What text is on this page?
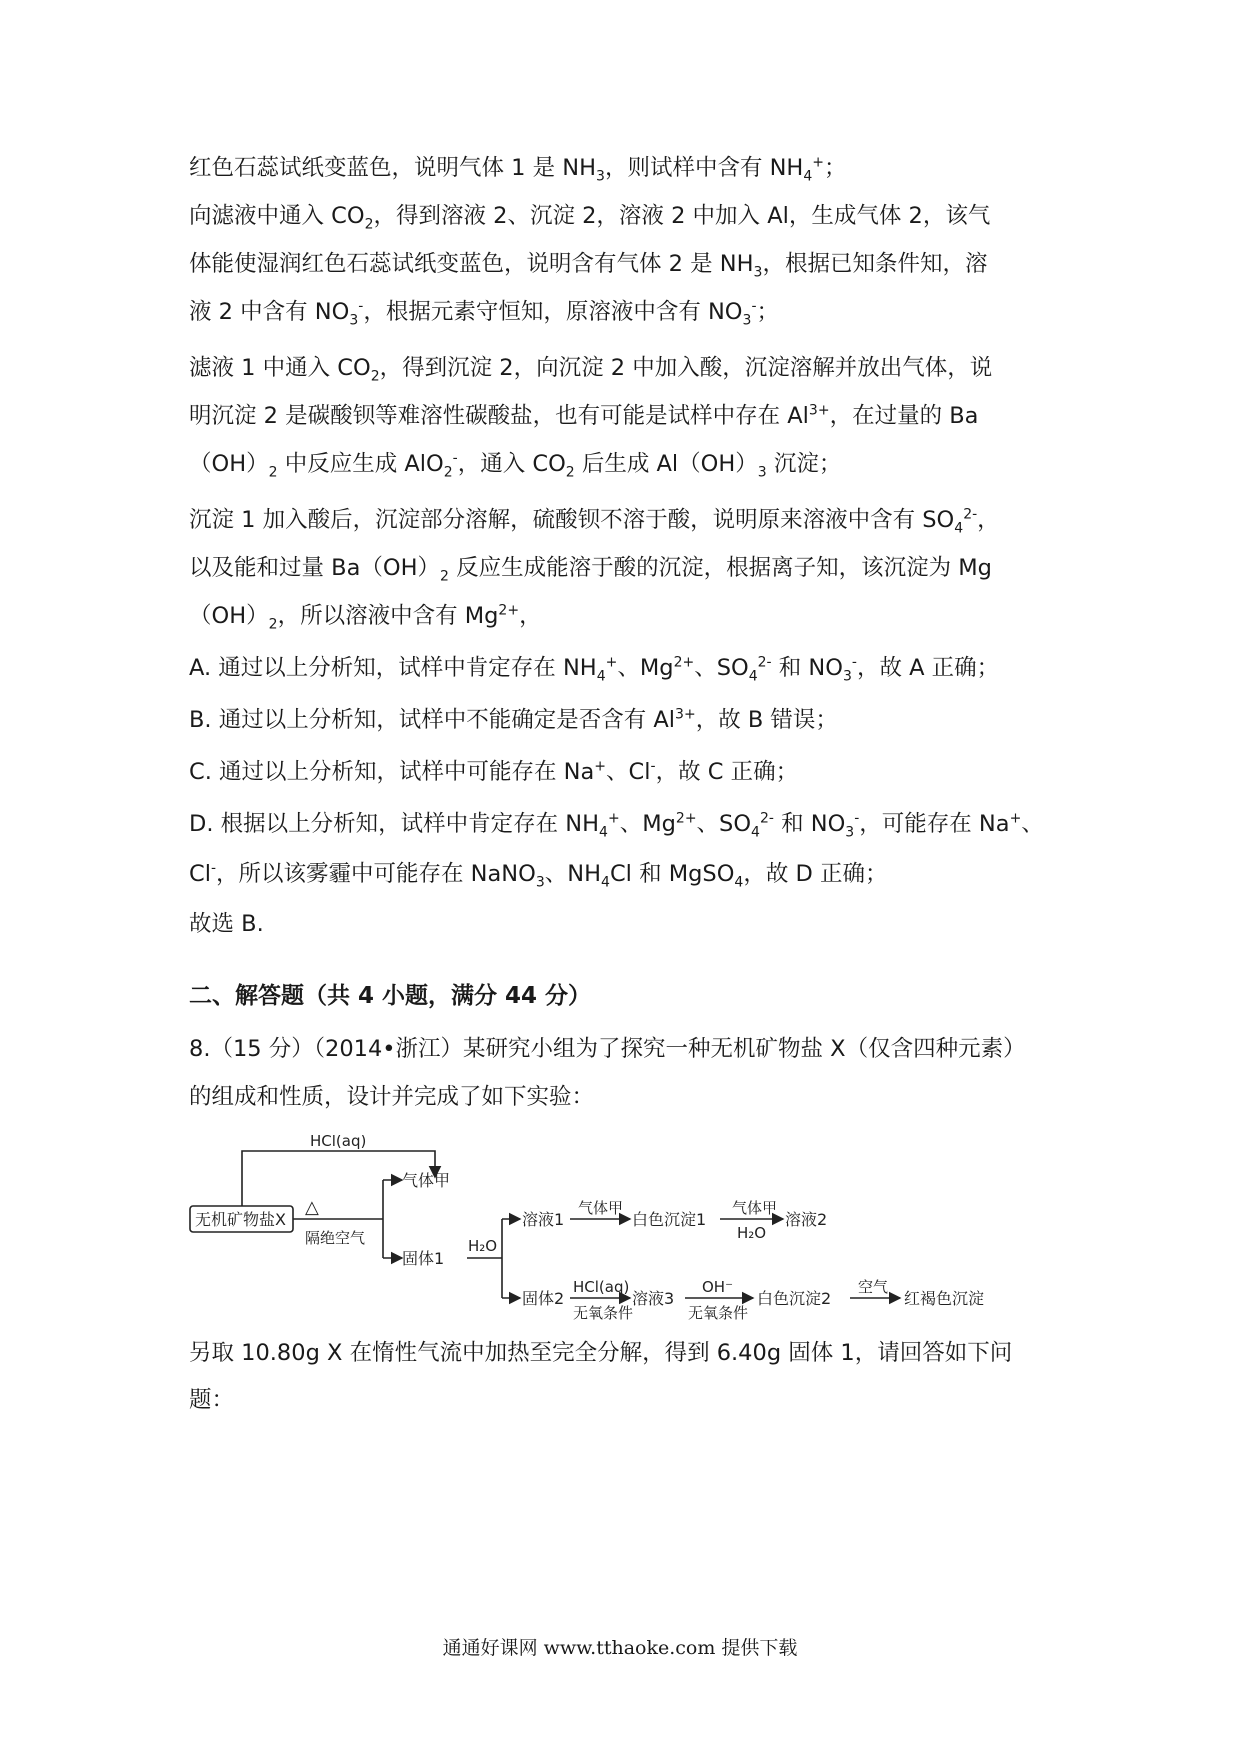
红色石蕊试纸变蓝色，说明气体 1 是 $NH_3$，则试样中含有 $NH_4^+$；
向滤液中通入 $CO_2$，得到溶液 2、沉淀 2，溶液 2 中加入 Al，生成气体 2，该气
体能使湿润红色石蕊试纸变蓝色，说明含有气体 2 是 $NH_3$，根据已知条件知，溶
液 2 中含有 $NO_3^-$，根据元素守恒知，原溶液中含有 $NO_3^-$；
滤液 1 中通入 $CO_2$，得到沉淀 2，向沉淀 2 中加入酸，沉淀溶解并放出气体，说
明沉淀 2 是碳酸钡等难溶性碳酸盐，也有可能是试样中存在 $Al^{3+}$，在过量的 Ba
$(OH)_2$ 中反应生成 AlO$_2$-，通入 $CO_2$ 后生成 $Al(OH)_3$ 沉淀；
沉淀 1 加入酸后，沉淀部分溶解，硫酸钡不溶于酸，说明原来溶液中含有 $SO_4^{2-}$，
以及能和过量 $Ba(OH)_2$ 反应生成能溶于酸的沉淀，根据离子知，该沉淀为 Mg
$(OH)_2$，所以溶液中含有 $Mg^{2+}$，
A. 通过以上分析知，试样中肯定存在 $NH_4^+$、$Mg^{2+}$、$SO_4^{2-}$ 和 $NO_3^-$，故 A 正确；
B. 通过以上分析知，试样中不能确定是否含有 $Al^{3+}$，故 B 错误；
C. 通过以上分析知，试样中可能存在 Na+、Cl-，故 C 正确；
D. 根据以上分析知，试样中肯定存在 $NH_4^+$、$Mg^{2+}$、$SO_4^{2-}$ 和 $NO_3^-$，可能存在 Na+、
Cl-，所以该雾霾中可能存在 NaNO$_3$、$NH_4Cl$ 和 MgSO$_4$，故 D 正确；
故选 B.
二、解答题（共 4 小题，满分 44 分）
8.（15 分）（2014•浙江）某研究小组为了探究一种无机矿物盐 X（仅含四种元素）
的组成和性质，设计并完成了如下实验：
无机矿物盐X
HCl(aq)
气体甲
△
隔绝空气
固体1
H₂O
溶液1
气体甲
白色沉淀1
气体甲
H₂O
溶液2
固体2
HCl(aq)
无氧条件
溶液3
OH⁻
无氧条件
白色沉淀2
空气
红褐色沉淀
另取 10.80g X 在惰性气流中加热至完全分解，得到 6.40g 固体 1，请回答如下问
题：
通通好课网 www.tthaoke.com 提供下载
